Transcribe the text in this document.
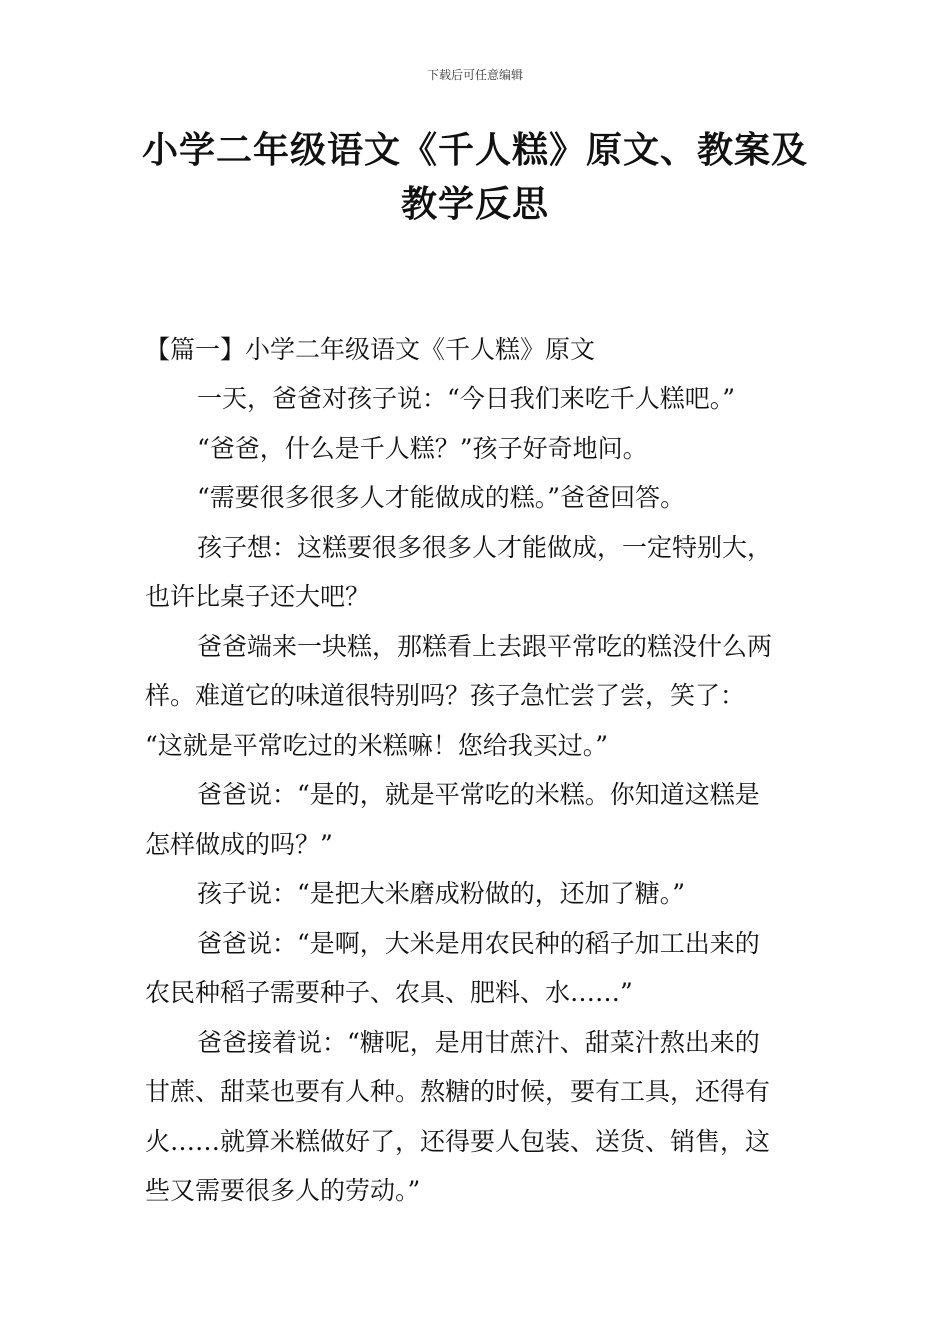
下载后可任意编辑
小学二年级语文《千人糕》原文、教案及
教学反思

【篇一】小学二年级语文《千人糕》原文

一天，爸爸对孩子说：“今日我们来吃千人糕吧。”

“爸爸，什么是千人糕？”孩子好奇地问。

“需要很多很多人才能做成的糕。”爸爸回答。

孩子想：这糕要很多很多人才能做成，一定特别大，
也许比桌子还大吧？

爸爸端来一块糕，那糕看上去跟平常吃的糕没什么两
样。难道它的味道很特别吗？孩子急忙尝了尝，笑了：
“这就是平常吃过的米糕嘛！您给我买过。”

爸爸说：“是的，就是平常吃的米糕。你知道这糕是
怎样做成的吗？”

孩子说：“是把大米磨成粉做的，还加了糖。”

爸爸说：“是啊，大米是用农民种的稻子加工出来的
农民种稻子需要种子、农具、肥料、水……”

爸爸接着说：“糖呢，是用甘蔗汁、甜菜汁熬出来的
甘蔗、甜菜也要有人种。熬糖的时候，要有工具，还得有
火……就算米糕做好了，还得要人包装、送货、销售，这
些又需要很多人的劳动。”
